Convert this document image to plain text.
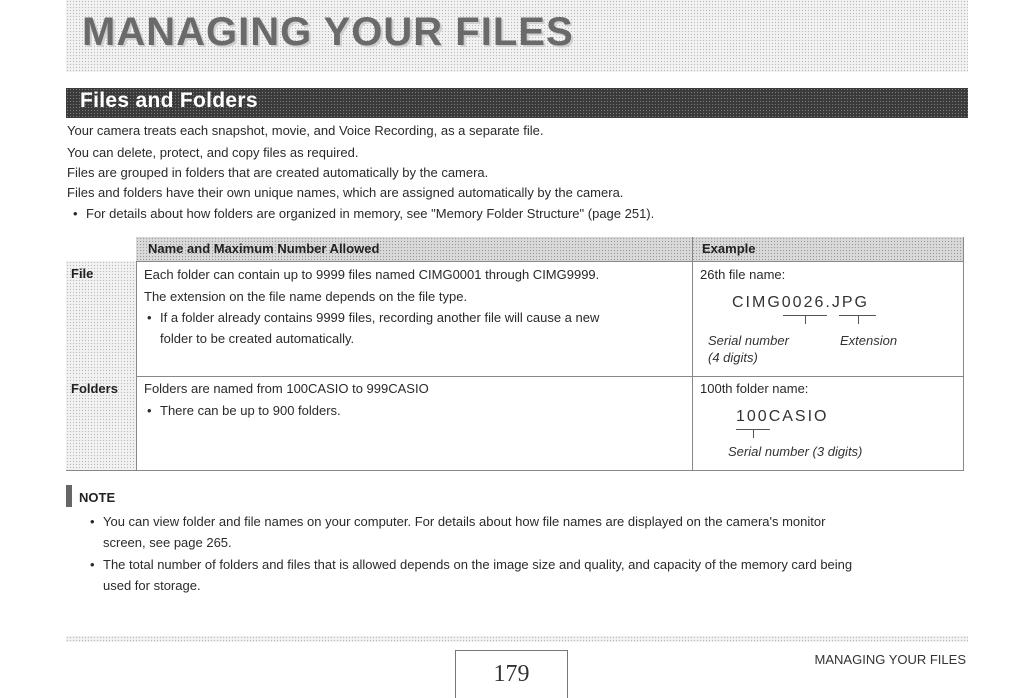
MANAGING YOUR FILES
Files and Folders

Your camera treats each snapshot, movie, and Voice Recording, as a separate file.

You can delete, protect, and copy files as required.

Files are grouped in folders that are created automatically by the camera.

Files and folders have their own unique names, which are assigned automatically by the camera.

• For details about how folders are organized in memory, see "Memory Folder Structure" (page 251).

Name and Maximum Number Allowed	Example
File
Folders
Each folder can contain up to 9999 files named CIMG0001 through CIMG9999.
The extension on the file name depends on the file type.
• If a folder already contains 9999 files, recording another file will cause a new
folder to be created automatically.
26th file name:
CIMG0026.JPG
Serial number
(4 digits)
Extension
Folders are named from 100CASIO to 999CASIO
• There can be up to 900 folders.
100th folder name:
100CASIO
Serial number (3 digits)
NOTE

• You can view folder and file names on your computer. For details about how file names are displayed on the camera's monitor

screen, see page 265.

• The total number of folders and files that is allowed depends on the image size and quality, and capacity of the memory card being

used for storage.

179
MANAGING YOUR FILES
